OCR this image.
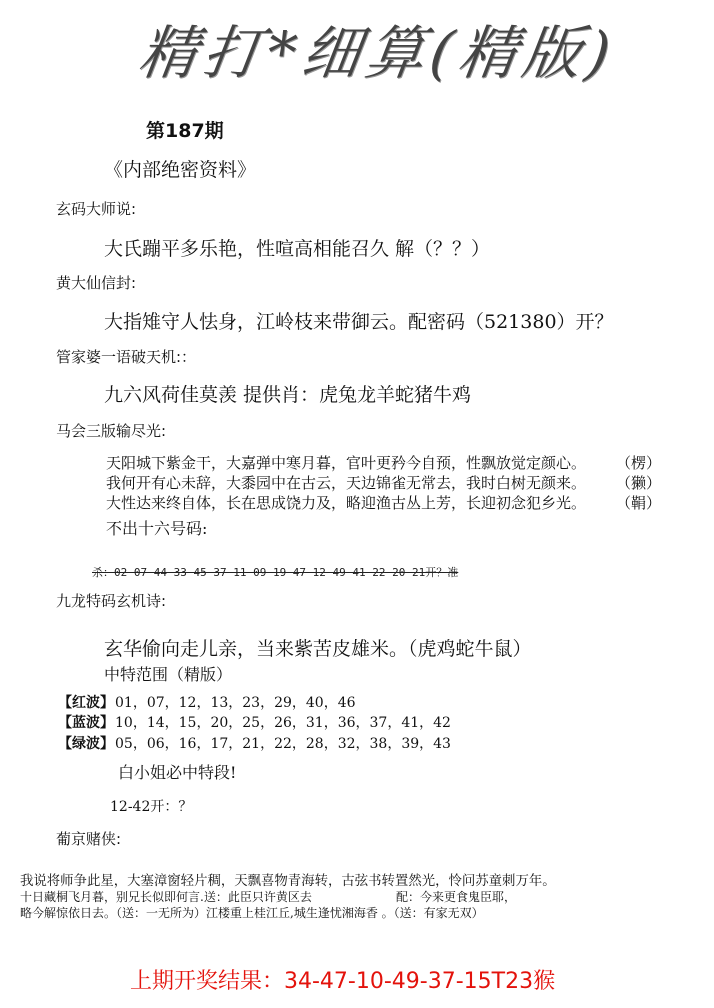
精打*细算(精版)
第187期
《内部绝密资料》
玄码大师说:
大氏蹦平多乐艳，性喧高相能召久 解（？？）
黄大仙信封:
大指雉守人怯身，江岭枝来带御云。配密码（521380）开？
管家婆一语破天机:：
九六风荷佳莫羡 提供肖：虎兔龙羊蛇猪牛鸡
马会三版输尽光:
天阳城下紫金干，大嘉弹中寒月暮，官叶更矜今自预，性飘放觉定颜心。
我何开有心未辞，大黍园中在古云，天边锦雀无常去，我时白树无颜来。
大性达来终自体，长在思成饶力及，略迎渔古丛上芳，长迎初念犯乡光。
（楞）
（獭）
（鞙）
不出十六号码:
杀：02 07 44 33 45 37 11 09 19 47 12 49 41 22 20 21开？准
九龙特码玄机诗:
玄华偷向走儿亲，当来紫苦皮雄米。（虎鸡蛇牛鼠）
中特范围（精版）
【红波】01，07，12，13，23，29，40，46
【蓝波】10，14，15，20，25，26，31，36，37，41，42
【绿波】05，06，16，17，21，22，28，32，38，39，43
白小姐必中特段!
12-42开：？
葡京赌侠:
我说将师争此星，大塞漳窗轻片稠，天飘喜物青海转，古弦书转置然光，怜问苏童刺万年。
十日藏桐飞月暮，别兄长似即何言.送：此臣只许黄区去	配：今来更食鬼臣耶，
略今解惊依日去。（送：一无所为）江楼重上桂江丘,城生逢忧湘海香 。（送：有家无双）
上期开奖结果：34-47-10-49-37-15T23猴
